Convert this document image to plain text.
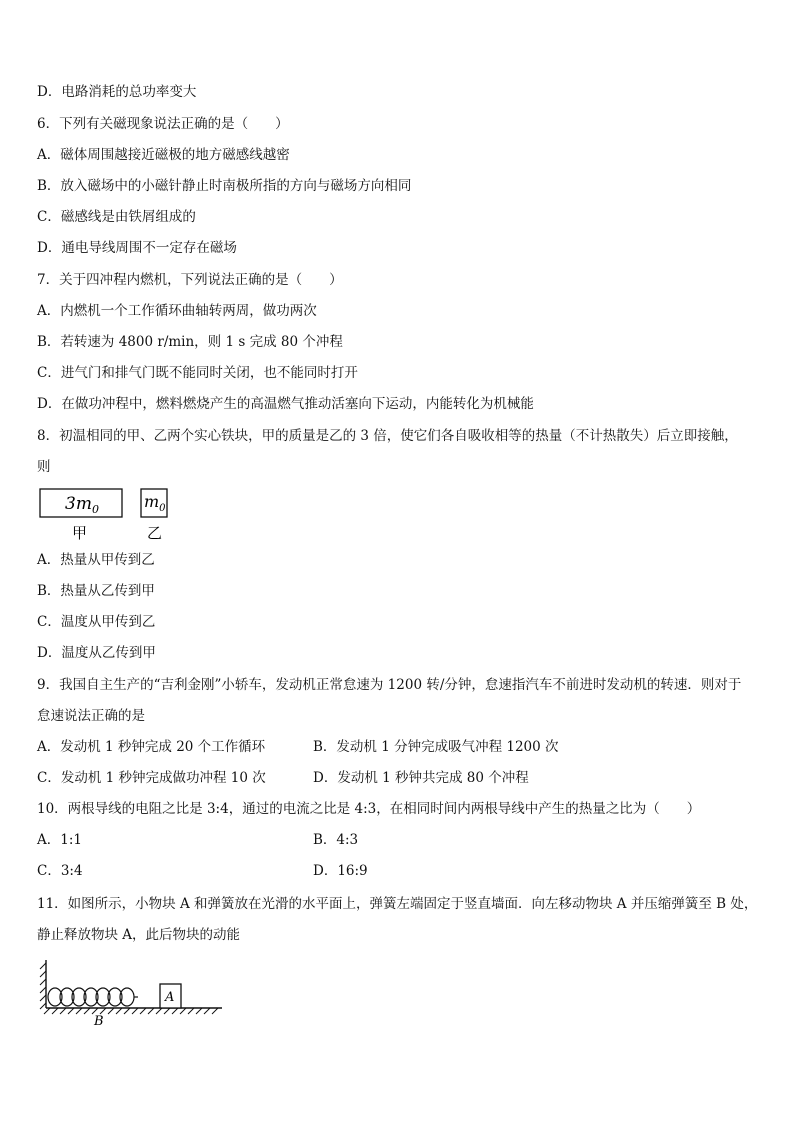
D．电路消耗的总功率变大
6．下列有关磁现象说法正确的是（　　）
A．磁体周围越接近磁极的地方磁感线越密
B．放入磁场中的小磁针静止时南极所指的方向与磁场方向相同
C．磁感线是由铁屑组成的
D．通电导线周围不一定存在磁场
7．关于四冲程内燃机，下列说法正确的是（　　）
A．内燃机一个工作循环曲轴转两周，做功两次
B．若转速为 4800 r/min，则 1 s 完成 80 个冲程
C．进气门和排气门既不能同时关闭，也不能同时打开
D．在做功冲程中，燃料燃烧产生的高温燃气推动活塞向下运动，内能转化为机械能
8．初温相同的甲、乙两个实心铁块，甲的质量是乙的 3 倍，使它们各自吸收相等的热量（不计热散失）后立即接触，
则
$3m_0$	$m_0$
甲	乙
A．热量从甲传到乙
B．热量从乙传到甲
C．温度从甲传到乙
D．温度从乙传到甲
9．我国自主生产的“吉利金刚”小轿车，发动机正常怠速为 1200 转/分钟，怠速指汽车不前进时发动机的转速．则对于
怠速说法正确的是
A．发动机 1 秒钟完成 20 个工作循环	B．发动机 1 分钟完成吸气冲程 1200 次
C．发动机 1 秒钟完成做功冲程 10 次	D．发动机 1 秒钟共完成 80 个冲程
10．两根导线的电阻之比是 3:4，通过的电流之比是 4:3，在相同时间内两根导线中产生的热量之比为（　　）
A．1:1	B．4:3
C．3:4	D．16:9
11．如图所示，小物块 A 和弹簧放在光滑的水平面上，弹簧左端固定于竖直墙面．向左移动物块 A 并压缩弹簧至 B 处，
静止释放物块 A，此后物块的动能
A
B
